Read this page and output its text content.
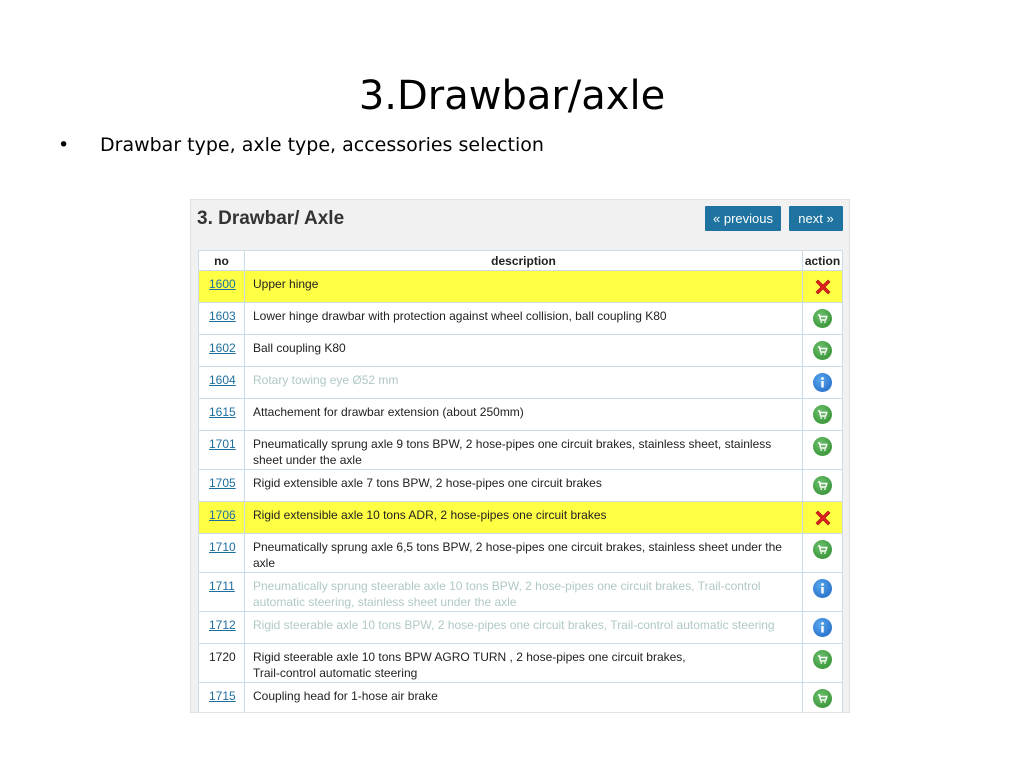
3.Drawbar/axle
• Drawbar type, axle type, accessories selection
3. Drawbar/ Axle	« previous	next »
no	description	action
1600	Upper hinge	
1603	Lower hinge drawbar with protection against wheel collision, ball coupling K80	
1602	Ball coupling K80	
1604	Rotary towing eye Ø52 mm	
1615	Attachement for drawbar extension (about 250mm)	
1701	Pneumatically sprung axle 9 tons BPW, 2 hose-pipes one circuit brakes, stainless sheet, stainless sheet under the axle	
1705	Rigid extensible axle 7 tons BPW, 2 hose-pipes one circuit brakes	
1706	Rigid extensible axle 10 tons ADR, 2 hose-pipes one circuit brakes	
1710	Pneumatically sprung axle 6,5 tons BPW, 2 hose-pipes one circuit brakes, stainless sheet under the axle	
1711	Pneumatically sprung steerable axle 10 tons BPW, 2 hose-pipes one circuit brakes, Trail-control automatic steering, stainless sheet under the axle	
1712	Rigid steerable axle 10 tons BPW, 2 hose-pipes one circuit brakes, Trail-control automatic steering	
1720	Rigid steerable axle 10 tons BPW AGRO TURN , 2 hose-pipes one circuit brakes,
Trail-control automatic steering	
1715	Coupling head for 1-hose air brake	
